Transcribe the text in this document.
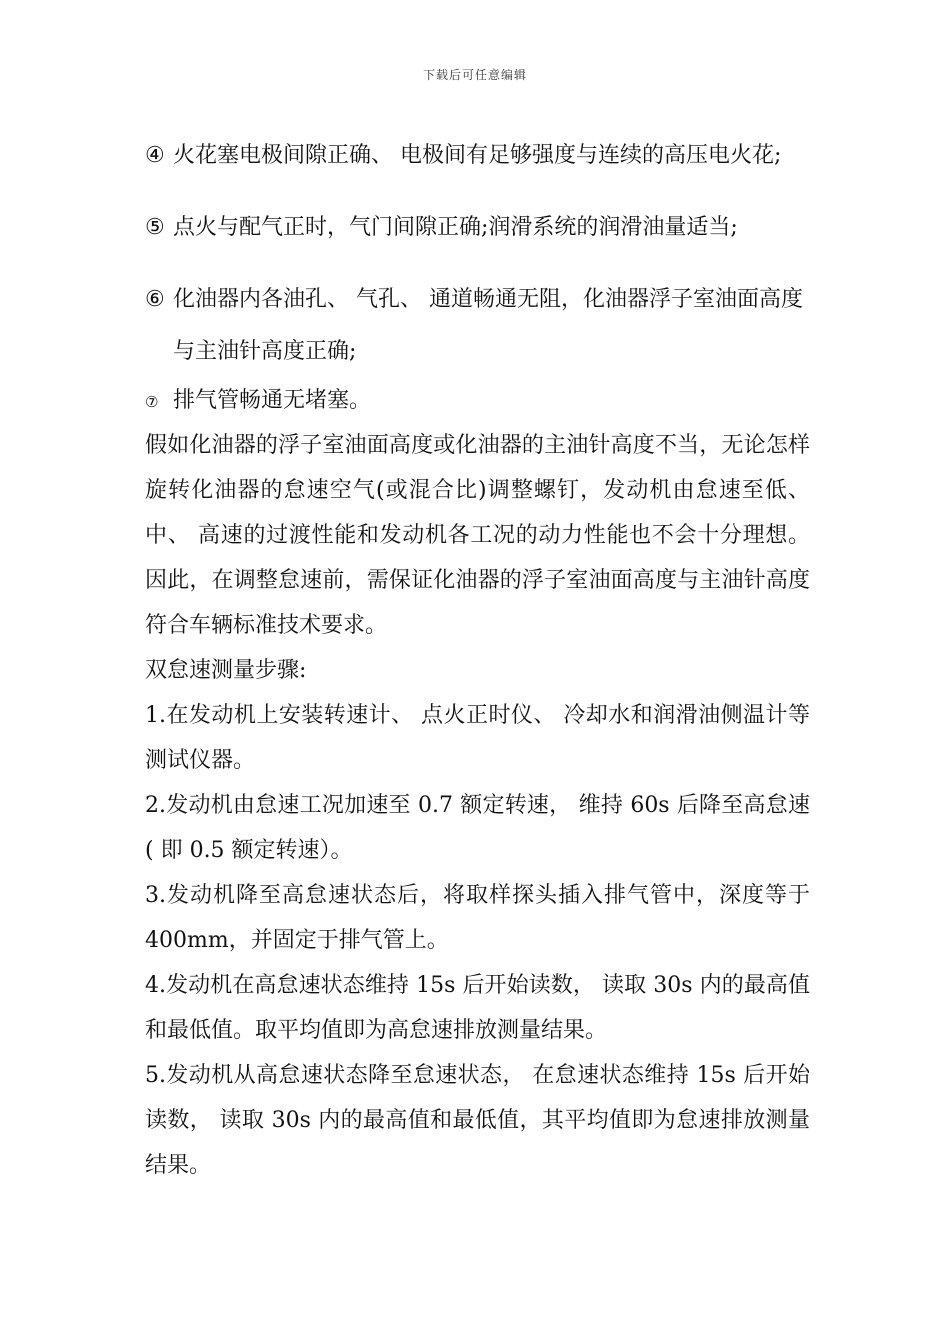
下载后可任意编辑
④ 火花塞电极间隙正确、 电极间有足够强度与连续的高压电火花;
⑤ 点火与配气正时，气门间隙正确;润滑系统的润滑油量适当;
⑥ 化油器内各油孔、 气孔、 通道畅通无阻，化油器浮子室油面高度与主油针高度正确;
⑦ 排气管畅通无堵塞。
假如化油器的浮子室油面高度或化油器的主油针高度不当，无论怎样旋转化油器的怠速空气(或混合比)调整螺钉，发动机由怠速至低、 中、 高速的过渡性能和发动机各工况的动力性能也不会十分理想。因此，在调整怠速前，需保证化油器的浮子室油面高度与主油针高度符合车辆标准技术要求。
双怠速测量步骤:
1.在发动机上安装转速计、 点火正时仪、 冷却水和润滑油侧温计等测试仪器。
2.发动机由怠速工况加速至 0.7 额定转速， 维持 60s 后降至高怠速( 即 0.5 额定转速）。
3.发动机降至高怠速状态后，将取样探头插入排气管中，深度等于 400mm，并固定于排气管上。
4.发动机在高怠速状态维持 15s 后开始读数， 读取 30s 内的最高值和最低值。取平均值即为高怠速排放测量结果。
5.发动机从高怠速状态降至怠速状态， 在怠速状态维持 15s 后开始读数， 读取 30s 内的最高值和最低值，其平均值即为怠速排放测量结果。
